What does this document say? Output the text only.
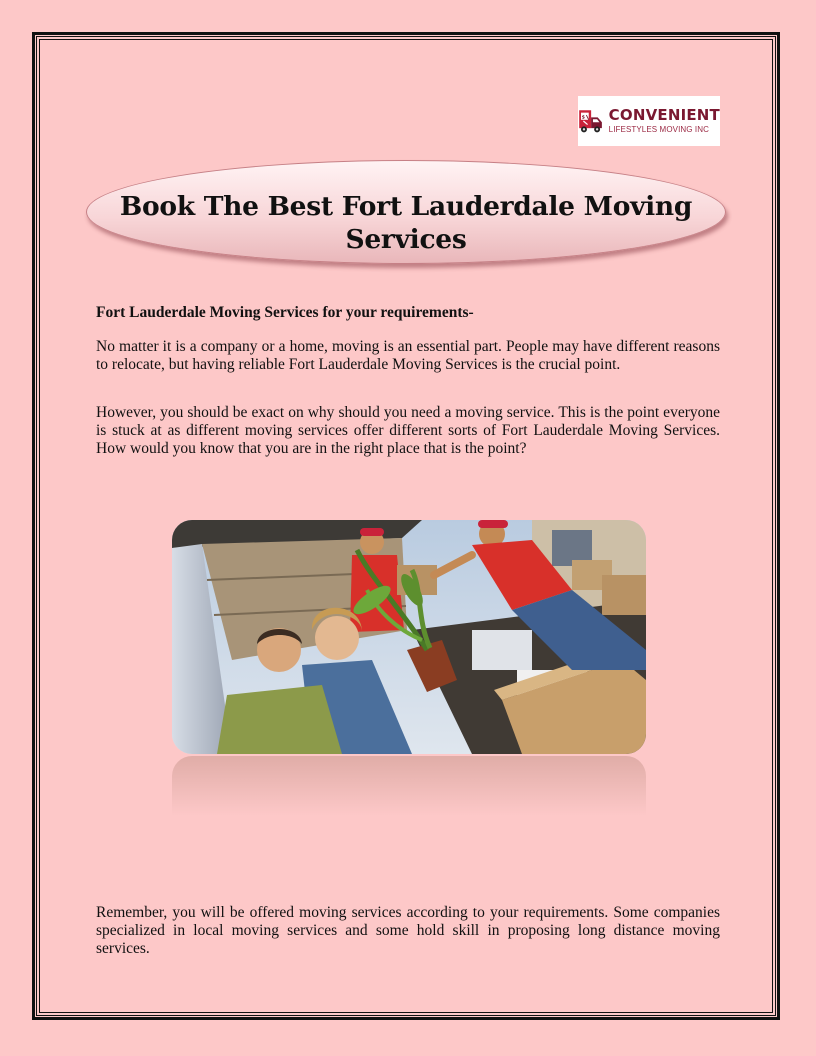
$ CONVENIENT
LIFESTYLES MOVING INC
Book The Best Fort Lauderdale Moving Services

Fort Lauderdale Moving Services for your requirements-

No matter it is a company or a home, moving is an essential part. People may have different reasons to relocate, but having reliable Fort Lauderdale Moving Services is the crucial point.

However, you should be exact on why should you need a moving service. This is the point everyone is stuck at as different moving services offer different sorts of Fort Lauderdale Moving Services. How would you know that you are in the right place that is the point?

Remember, you will be offered moving services according to your requirements. Some companies specialized in local moving services and some hold skill in proposing long distance moving services.
